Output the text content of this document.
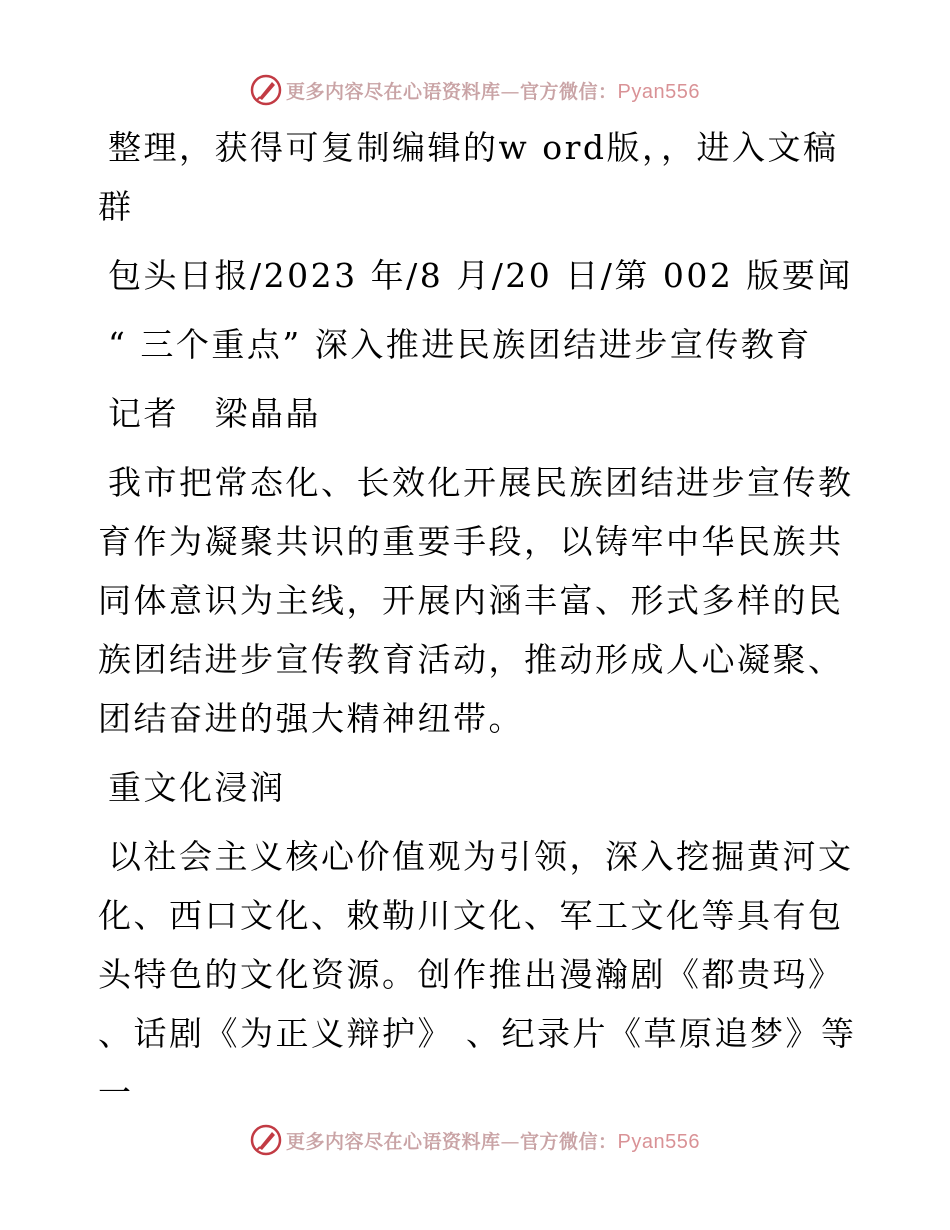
更多内容尽在心语资料库—官方微信：Pyan556

整理，获得可复制编辑的w ord版，，进入文稿群

包头日报/2023 年/8 月/20 日/第 002 版要闻

“ 三个重点” 深入推进民族团结进步宣传教育

记者　梁晶晶

我市把常态化、长效化开展民族团结进步宣传教育作为凝聚共识的重要手段，以铸牢中华民族共同体意识为主线，开展内涵丰富、形式多样的民族团结进步宣传教育活动，推动形成人心凝聚、团结奋进的强大精神纽带。

重文化浸润

以社会主义核心价值观为引领，深入挖掘黄河文化、西口文化、敕勒川文化、军工文化等具有包头特色的文化资源。创作推出漫瀚剧《都贵玛》 、话剧《为正义辩护》 、纪录片《草原追梦》等一

更多内容尽在心语资料库—官方微信：Pyan556
